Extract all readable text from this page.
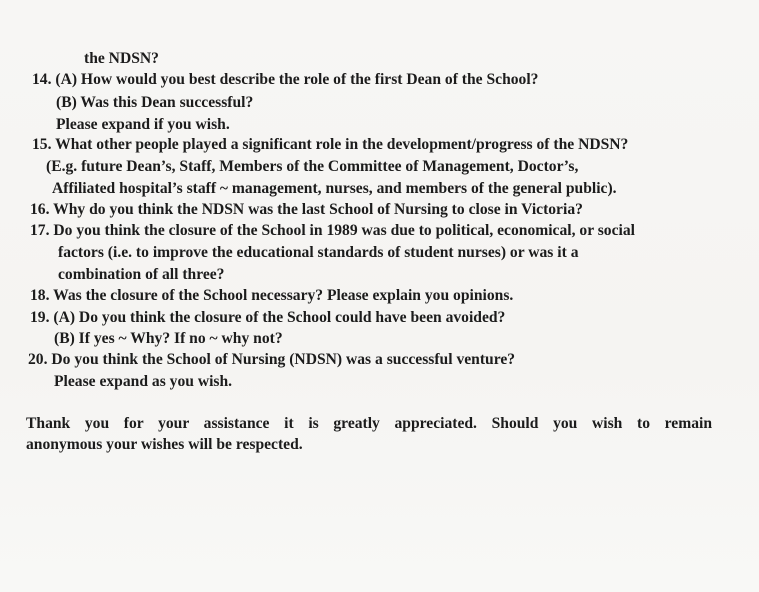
the NDSN?
14. (A) How would you best describe the role of the first Dean of the School?
(B) Was this Dean successful?
Please expand if you wish.
15. What other people played a significant role in the development/progress of the NDSN?
(E.g. future Dean’s, Staff, Members of the Committee of Management, Doctor’s,
Affiliated hospital’s staff ~ management, nurses, and members of the general public).
16. Why do you think the NDSN was the last School of Nursing to close in Victoria?
17. Do you think the closure of the School in 1989 was due to political, economical, or social
factors (i.e. to improve the educational standards of student nurses) or was it a
combination of all three?
18. Was the closure of the School necessary? Please explain you opinions.
19. (A) Do you think the closure of the School could have been avoided?
(B) If yes ~ Why? If no ~ why not?
20. Do you think the School of Nursing (NDSN) was a successful venture?
Please expand as you wish.
Thank you for your assistance it is greatly appreciated. Should you wish to remain
anonymous your wishes will be respected.
